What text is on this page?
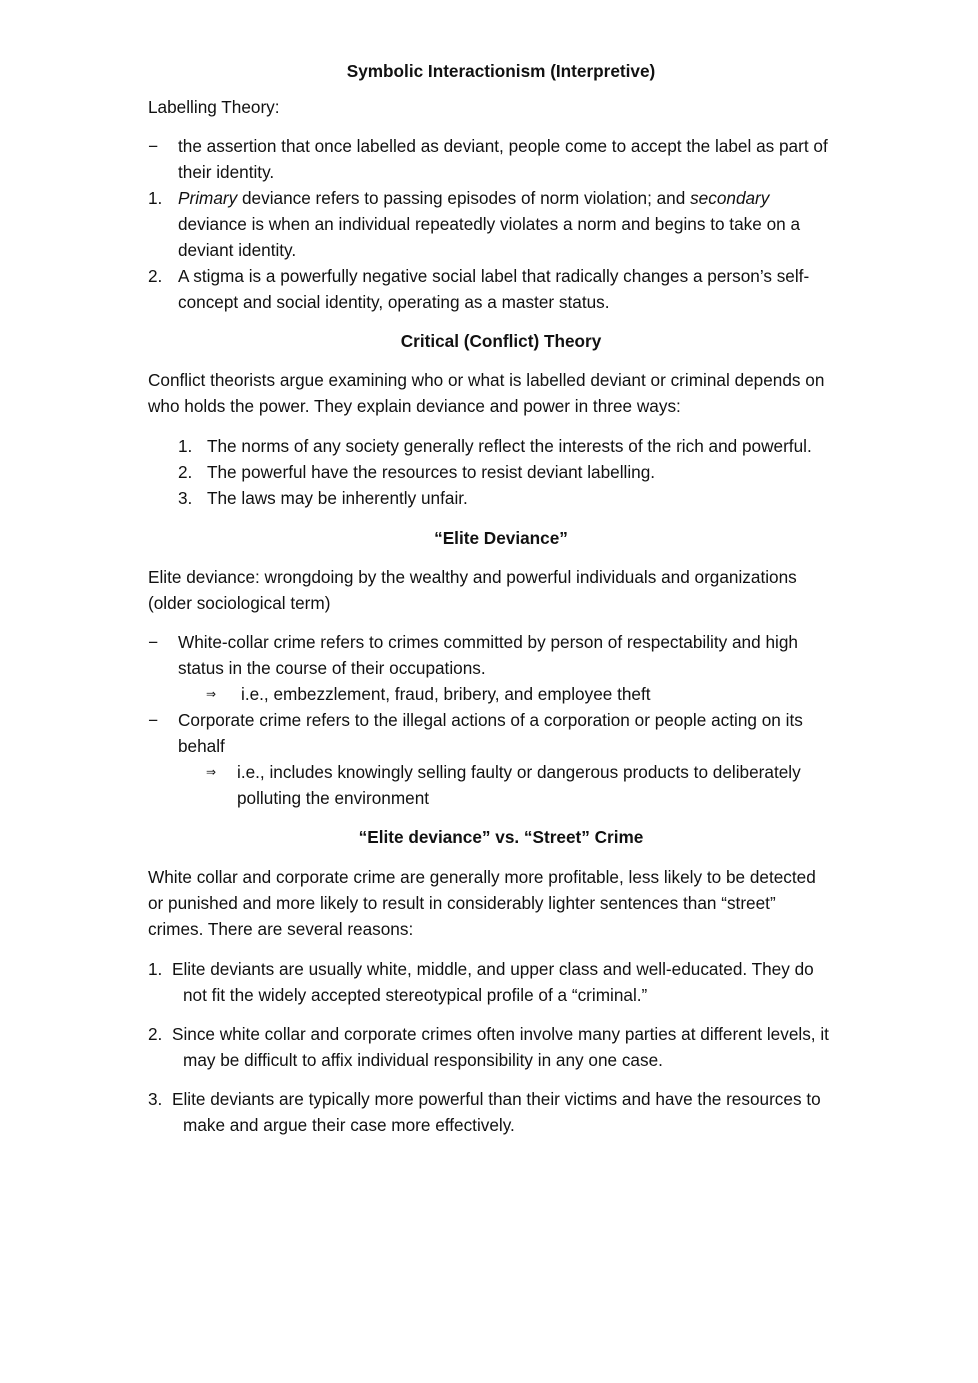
Symbolic Interactionism (Interpretive)

Labelling Theory:

− the assertion that once labelled as deviant, people come to accept the label as part of their identity.
1. Primary deviance refers to passing episodes of norm violation; and secondary deviance is when an individual repeatedly violates a norm and begins to take on a deviant identity.
2. A stigma is a powerfully negative social label that radically changes a person’s self-concept and social identity, operating as a master status.
Critical (Conflict) Theory

Conflict theorists argue examining who or what is labelled deviant or criminal depends on who holds the power. They explain deviance and power in three ways:

1. The norms of any society generally reflect the interests of the rich and powerful.
2. The powerful have the resources to resist deviant labelling.
3. The laws may be inherently unfair.
“Elite Deviance”

Elite deviance: wrongdoing by the wealthy and powerful individuals and organizations (older sociological term)

− White-collar crime refers to crimes committed by person of respectability and high status in the course of their occupations.
⇒ i.e., embezzlement, fraud, bribery, and employee theft
− Corporate crime refers to the illegal actions of a corporation or people acting on its behalf
⇒ i.e., includes knowingly selling faulty or dangerous products to deliberately polluting the environment
“Elite deviance” vs. “Street” Crime

White collar and corporate crime are generally more profitable, less likely to be detected or punished and more likely to result in considerably lighter sentences than “street” crimes. There are several reasons:

1. Elite deviants are usually white, middle, and upper class and well-educated. They do not fit the widely accepted stereotypical profile of a “criminal.”
2. Since white collar and corporate crimes often involve many parties at different levels, it may be difficult to affix individual responsibility in any one case.
3. Elite deviants are typically more powerful than their victims and have the resources to make and argue their case more effectively.
